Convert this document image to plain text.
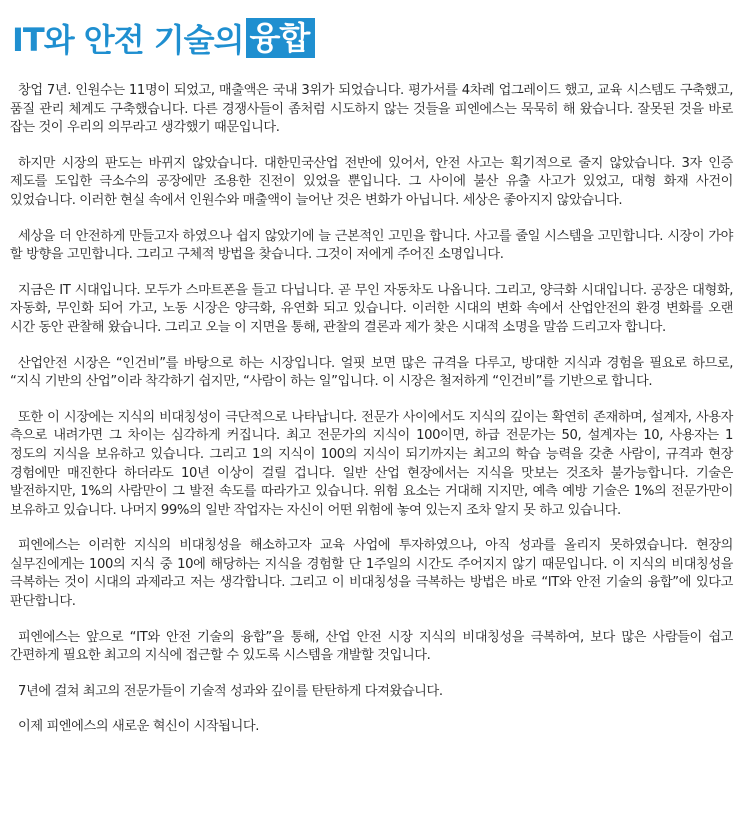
IT와 안전 기술의 융합

창업 7년. 인원수는 11명이 되었고, 매출액은 국내 3위가 되었습니다. 평가서를 4차례 업그레이드 했고, 교육 시스템도 구축했고, 품질 관리 체계도 구축했습니다. 다른 경쟁사들이 좀처럼 시도하지 않는 것들을 피엔에스는 묵묵히 해 왔습니다. 잘못된 것을 바로 잡는 것이 우리의 의무라고 생각했기 때문입니다.

하지만 시장의 판도는 바뀌지 않았습니다. 대한민국산업 전반에 있어서, 안전 사고는 획기적으로 줄지 않았습니다. 3자 인증 제도를 도입한 극소수의 공장에만 조용한 진전이 있었을 뿐입니다. 그 사이에 불산 유출 사고가 있었고, 대형 화재 사건이 있었습니다. 이러한 현실 속에서 인원수와 매출액이 늘어난 것은 변화가 아닙니다. 세상은 좋아지지 않았습니다.

세상을 더 안전하게 만들고자 하였으나 쉽지 않았기에 늘 근본적인 고민을 합니다. 사고를 줄일 시스템을 고민합니다. 시장이 가야 할 방향을 고민합니다. 그리고 구체적 방법을 찾습니다. 그것이 저에게 주어진 소명입니다.

지금은 IT 시대입니다. 모두가 스마트폰을 들고 다닙니다. 곧 무인 자동차도 나옵니다. 그리고, 양극화 시대입니다. 공장은 대형화, 자동화, 무인화 되어 가고, 노동 시장은 양극화, 유연화 되고 있습니다. 이러한 시대의 변화 속에서 산업안전의 환경 변화를 오랜 시간 동안 관찰해 왔습니다. 그리고 오늘 이 지면을 통해, 관찰의 결론과 제가 찾은 시대적 소명을 말씀 드리고자 합니다.

산업안전 시장은 “인건비”를 바탕으로 하는 시장입니다. 얼핏 보면 많은 규격을 다루고, 방대한 지식과 경험을 필요로 하므로, “지식 기반의 산업”이라 착각하기 쉽지만, “사람이 하는 일”입니다. 이 시장은 철저하게 “인건비”를 기반으로 합니다.

또한 이 시장에는 지식의 비대칭성이 극단적으로 나타납니다. 전문가 사이에서도 지식의 깊이는 확연히 존재하며, 설계자, 사용자 측으로 내려가면 그 차이는 심각하게 커집니다. 최고 전문가의 지식이 100이면, 하급 전문가는 50, 설계자는 10, 사용자는 1 정도의 지식을 보유하고 있습니다. 그리고 1의 지식이 100의 지식이 되기까지는 최고의 학습 능력을 갖춘 사람이, 규격과 현장 경험에만 매진한다 하더라도 10년 이상이 걸릴 겁니다. 일반 산업 현장에서는 지식을 맛보는 것조차 불가능합니다. 기술은 발전하지만, 1%의 사람만이 그 발전 속도를 따라가고 있습니다. 위험 요소는 거대해 지지만, 예측 예방 기술은 1%의 전문가만이 보유하고 있습니다. 나머지 99%의 일반 작업자는 자신이 어떤 위험에 놓여 있는지 조차 알지 못 하고 있습니다.

피엔에스는 이러한 지식의 비대칭성을 해소하고자 교육 사업에 투자하였으나, 아직 성과를 올리지 못하였습니다. 현장의 실무진에게는 100의 지식 중 10에 해당하는 지식을 경험할 단 1주일의 시간도 주어지지 않기 때문입니다. 이 지식의 비대칭성을 극복하는 것이 시대의 과제라고 저는 생각합니다. 그리고 이 비대칭성을 극복하는 방법은 바로 “IT와 안전 기술의 융합”에 있다고 판단합니다.

피엔에스는 앞으로 “IT와 안전 기술의 융합”을 통해, 산업 안전 시장 지식의 비대칭성을 극복하여, 보다 많은 사람들이 쉽고 간편하게 필요한 최고의 지식에 접근할 수 있도록 시스템을 개발할 것입니다.

7년에 걸쳐 최고의 전문가들이 기술적 성과와 깊이를 탄탄하게 다져왔습니다.

이제 피엔에스의 새로운 혁신이 시작됩니다.
